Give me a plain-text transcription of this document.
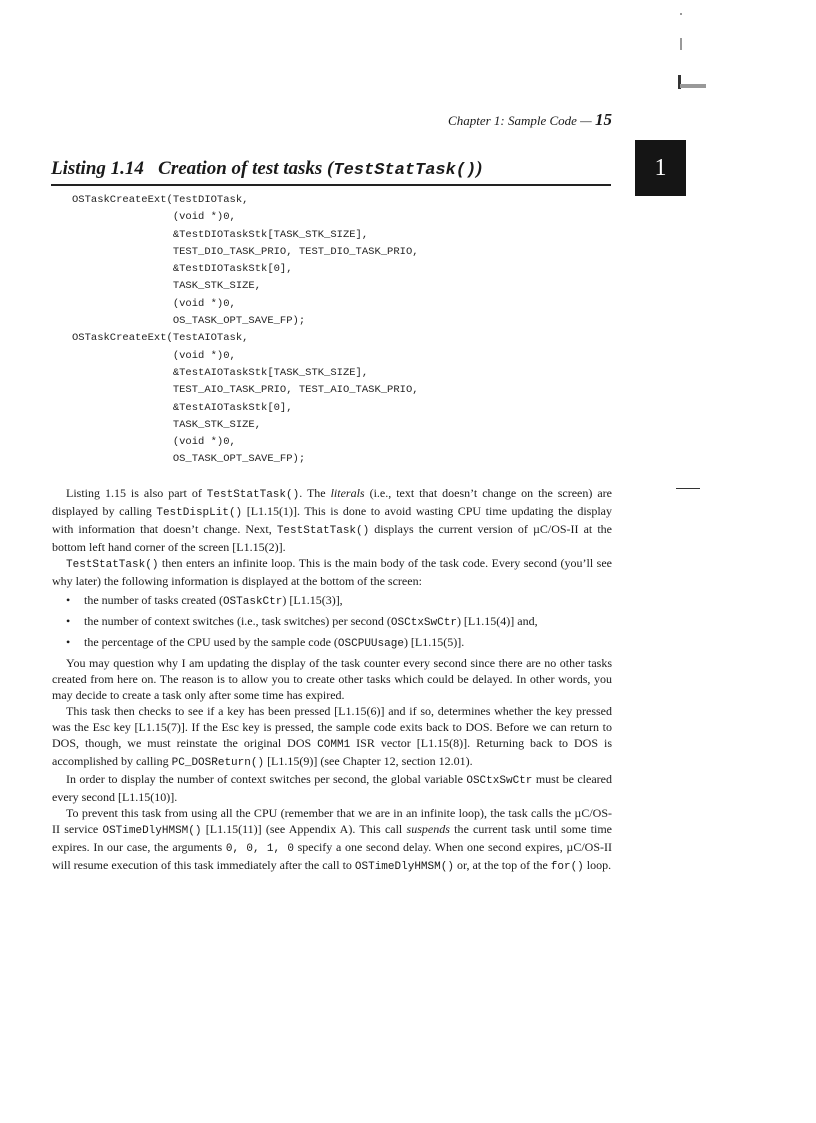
Chapter 1: Sample Code — 15
1
Listing 1.14 Creation of test tasks (TestStatTask())
OSTaskCreateExt(TestDIOTask,
(void *)0,
&TestDIOTaskStk[TASK_STK_SIZE],
TEST_DIO_TASK_PRIO, TEST_DIO_TASK_PRIO,
&TestDIOTaskStk[0],
TASK_STK_SIZE,
(void *)0,
OS_TASK_OPT_SAVE_FP);
OSTaskCreateExt(TestAIOTask,
(void *)0,
&TestAIOTaskStk[TASK_STK_SIZE],
TEST_AIO_TASK_PRIO, TEST_AIO_TASK_PRIO,
&TestAIOTaskStk[0],
TASK_STK_SIZE,
(void *)0,
OS_TASK_OPT_SAVE_FP);

Listing 1.15 is also part of TestStatTask(). The literals (i.e., text that doesn’t change on the screen) are displayed by calling TestDispLit() [L1.15(1)]. This is done to avoid wasting CPU time updating the display with information that doesn’t change. Next, TestStatTask() displays the current version of µC/OS-II at the bottom left hand corner of the screen [L1.15(2)].

TestStatTask() then enters an infinite loop. This is the main body of the task code. Every second (you’ll see why later) the following information is displayed at the bottom of the screen:

• the number of tasks created (OSTaskCtr) [L1.15(3)],
• the number of context switches (i.e., task switches) per second (OSCtxSwCtr) [L1.15(4)] and,
• the percentage of the CPU used by the sample code (OSCPUUsage) [L1.15(5)].

You may question why I am updating the display of the task counter every second since there are no other tasks created from here on. The reason is to allow you to create other tasks which could be delayed. In other words, you may decide to create a task only after some time has expired.

This task then checks to see if a key has been pressed [L1.15(6)] and if so, determines whether the key pressed was the Esc key [L1.15(7)]. If the Esc key is pressed, the sample code exits back to DOS. Before we can return to DOS, though, we must reinstate the original DOS COMM1 ISR vector [L1.15(8)]. Returning back to DOS is accomplished by calling PC_DOSReturn() [L1.15(9)] (see Chapter 12, section 12.01).

In order to display the number of context switches per second, the global variable OSCtxSwCtr must be cleared every second [L1.15(10)].

To prevent this task from using all the CPU (remember that we are in an infinite loop), the task calls the µC/OS-II service OSTimeDlyHMSM() [L1.15(11)] (see Appendix A). This call suspends the current task until some time expires. In our case, the arguments 0, 0, 1, 0 specify a one second delay. When one second expires, µC/OS-II will resume execution of this task immediately after the call to OSTimeDlyHMSM() or, at the top of the for() loop.
